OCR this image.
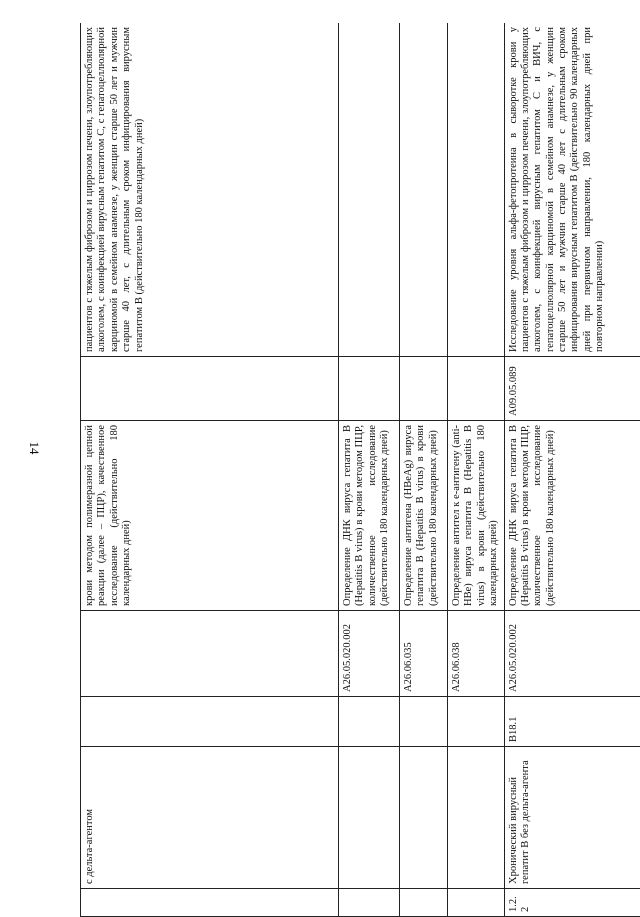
14
	с дельта-агентом			крови методом полимеразной цепной реакции (далее – ПЦР), качественное исследование (действительно 180 календарных дней)		пациентов с тяжелым фиброзом и циррозом печени, злоупотребляющих алкоголем, с коинфекцией вирусным гепатитом С, с гепатоцеллюлярной карциномой в семейном анамнезе, у женщин старше 50 лет и мужчин старше 40 лет, с длительным сроком инфицирования вирусным гепатитом В (действительно 180 календарных дней)
			A26.05.020.002	Определение ДНК вируса гепатита В (Hepatitis B virus) в крови методом ПЦР, количественное исследование (действительно 180 календарных дней)		
			A26.06.035	Определение антигена (HBeAg) вируса гепатита В (Hepatitis B virus) в крови (действительно 180 календарных дней)		
			A26.06.038	Определение антител к e-антигену (anti-HBe) вируса гепатита В (Hepatitis B virus) в крови (действительно 180 календарных дней)		
1.2.2	Хронический вирусный гепатит В без дельта-агента	B18.1	A26.05.020.002	Определение ДНК вируса гепатита В (Hepatitis B virus) в крови методом ПЦР, количественное исследование (действительно 180 календарных дней)	A09.05.089	Исследование уровня альфа-фетопротеина в сыворотке крови у пациентов с тяжелым фиброзом и циррозом печени, злоупотребляющих алкоголем, с коинфекцией вирусным гепатитом С и ВИЧ, с гепатоцеллюлярной карциномой в семейном анамнезе, у женщин старше 50 лет и мужчин старше 40 лет с длительным сроком инфицирования вирусным гепатитом В (действительно 90 календарных дней при первичном направлении, 180 календарных дней при повторном направлении)
